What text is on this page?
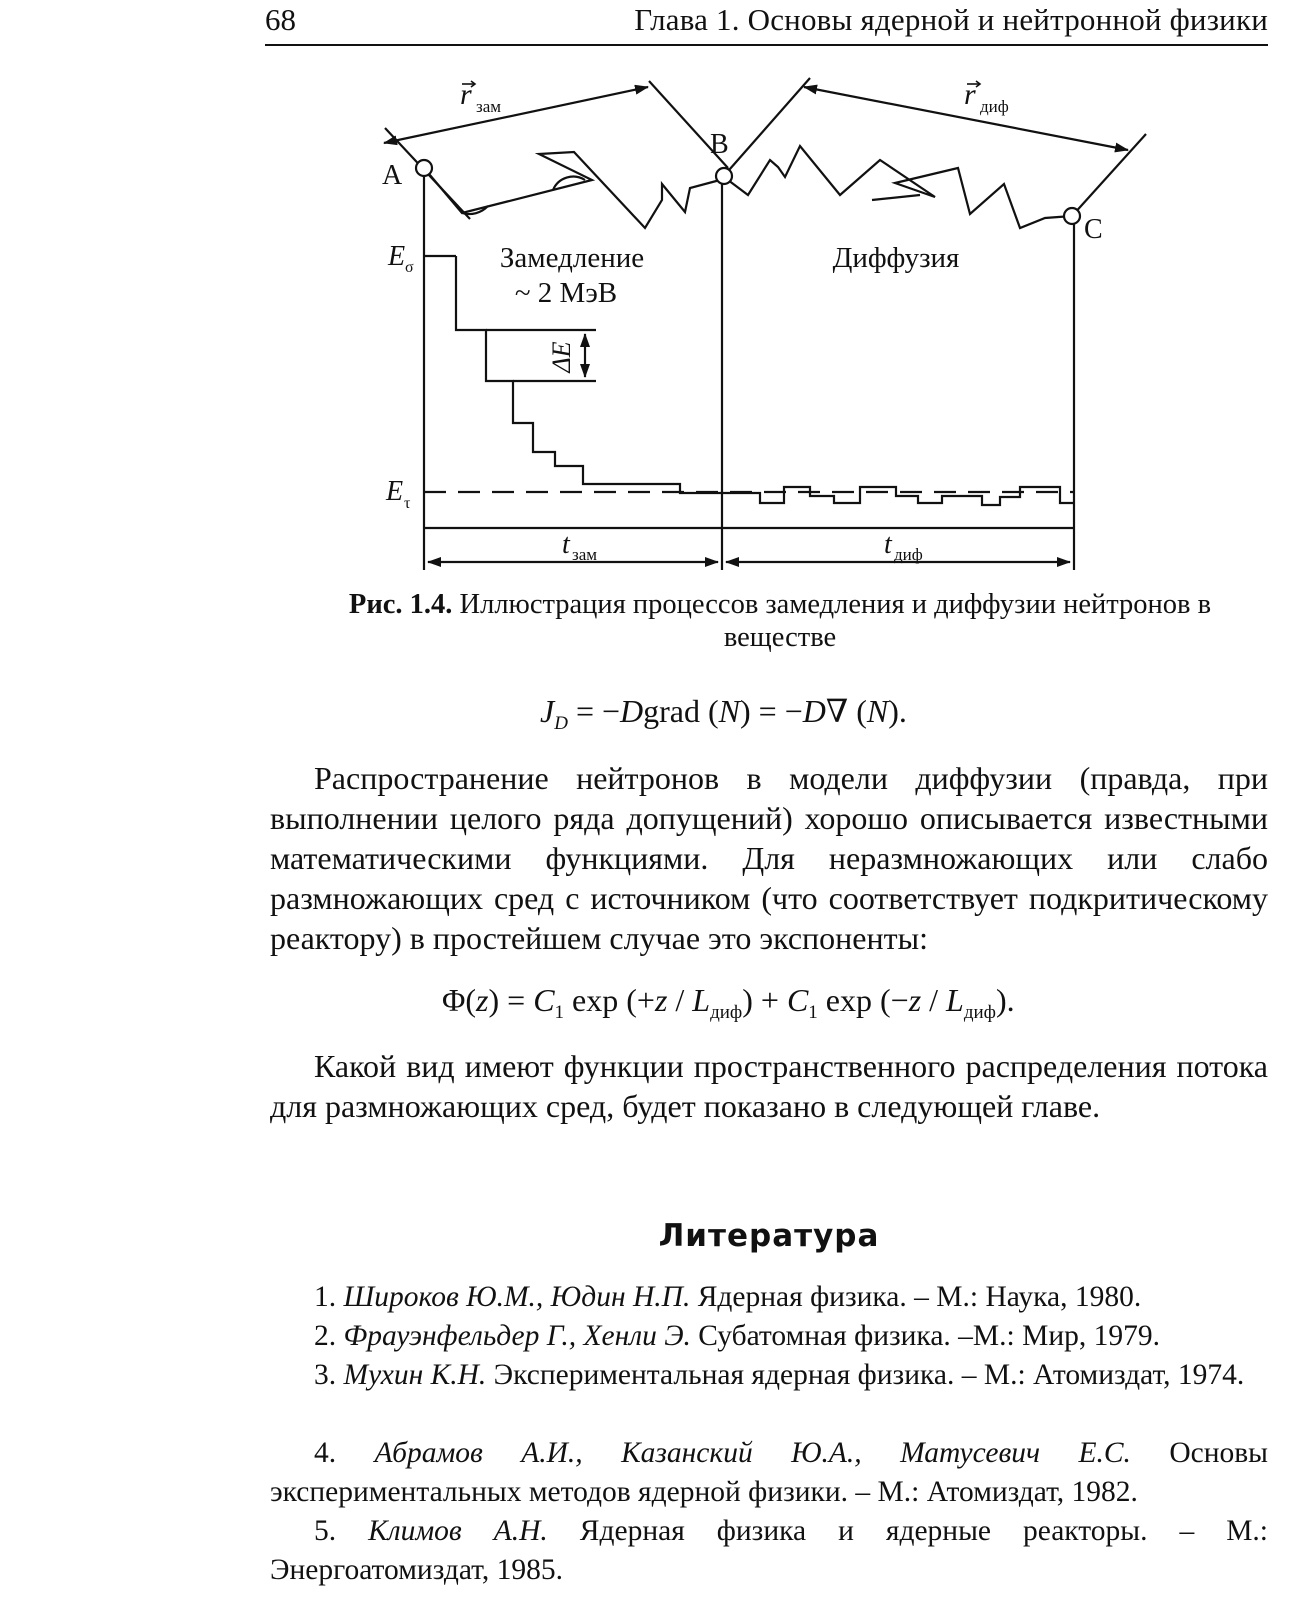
68	Глава 1. Основы ядерной и нейтронной физики
r зам	r диф
A
B
C
E σ
E τ
Замедление
~ 2 МэВ
Диффузия
ΔE
t зам	t диф
Рис. 1.4. Иллюстрация процессов замедления и диффузии нейтронов в веществе
$J_D$ = −Dgrad (N) = −D∇ (N).

Распространение нейтронов в модели диффузии (правда, при выполнении целого ряда допущений) хорошо описывается известными математическими функциями. Для неразмножающих или слабо размножающих сред с источником (что соответствует подкритическому реактору) в простейшем случае это экспоненты:

$\Phi(z) = C_1$ $\exp (+z / L_{диф}) + C_1$ $\exp (-z / L_{диф})$.

Какой вид имеют функции пространственного распределения потока для размножающих сред, будет показано в следующей главе.

Литература

1. Широков Ю.М., Юдин Н.П. Ядерная физика. – М.: Наука, 1980.

2. Фрауэнфельдер Г., Хенли Э. Субатомная физика. –М.: Мир, 1979.

3. Мухин К.Н. Экспериментальная ядерная физика. – М.: Атомиздат, 1974.

4. Абрамов А.И., Казанский Ю.А., Матусевич Е.С. Основы экспериментальных методов ядерной физики. – М.: Атомиздат, 1982.

5. Климов А.Н. Ядерная физика и ядерные реакторы. – М.: Энергоатомиздат, 1985.
